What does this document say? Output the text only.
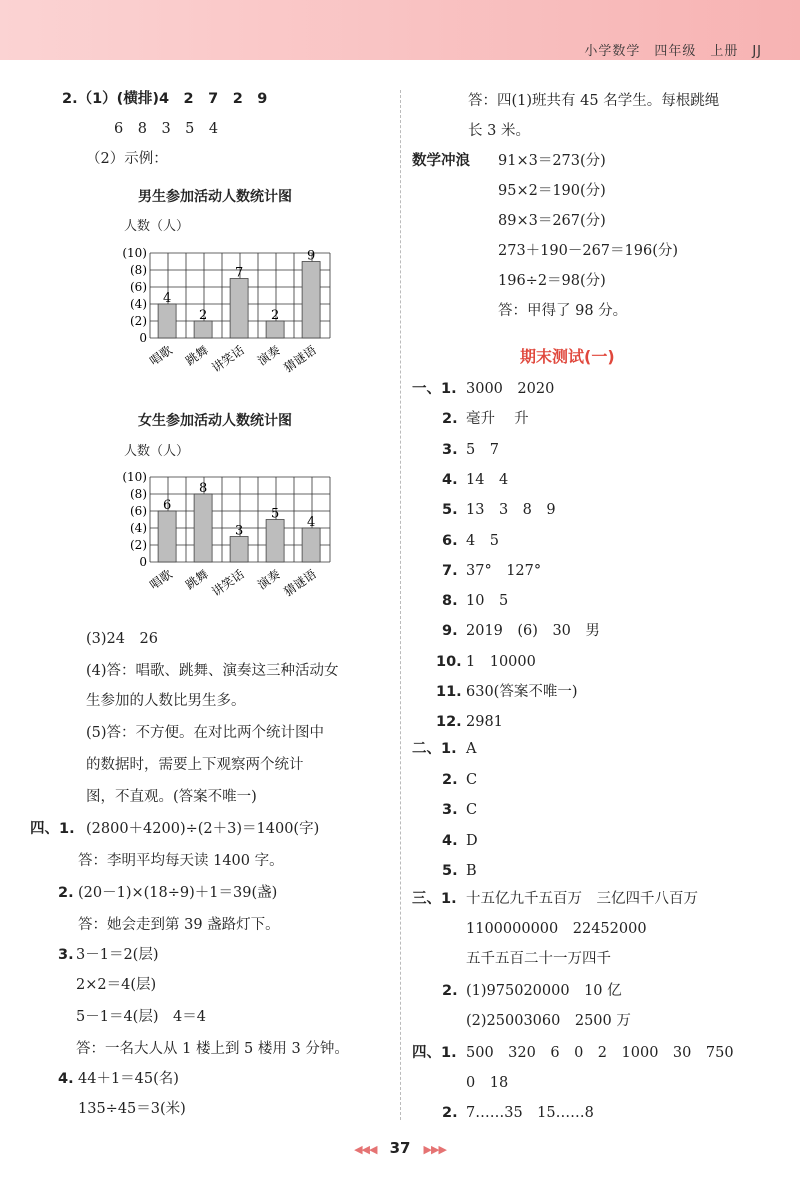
小学数学　四年级　上册　JJ
2.（1）(横排)4　2　7　2　9
6　8　3　5　4
（2）示例：
男生参加活动人数统计图
人数（人）
0
(2)
(4)
(6)
(8)
(10)
4
唱歌
2
跳舞
7
讲笑话
2
演奏
9
猜谜语
女生参加活动人数统计图
人数（人）
0
(2)
(4)
(6)
(8)
(10)
6
唱歌
8
跳舞
3
讲笑话
5
演奏
4
猜谜语
(3)24　26
(4)答：唱歌、跳舞、演奏这三种活动女
生参加的人数比男生多。
(5)答：不方便。在对比两个统计图中
的数据时，需要上下观察两个统计
图，不直观。(答案不唯一)
四、1. (2800＋4200)÷(2＋3)＝1400(字)
答：李明平均每天读 1400 字。
2. (20－1)×(18÷9)＋1＝39(盏)
答：她会走到第 39 盏路灯下。
3. 3－1＝2(层)
2×2＝4(层)
5－1＝4(层)　4＝4
答：一名大人从 1 楼上到 5 楼用 3 分钟。
4. 44＋1＝45(名)
135÷45＝3(米)
答：四(1)班共有 45 名学生。每根跳绳
长 3 米。
数学冲浪 91×3＝273(分)
95×2＝190(分)
89×3＝267(分)
273＋190－267＝196(分)
196÷2＝98(分)
答：甲得了 98 分。
期末测试(一)
一、1. 3000　2020
2. 毫升　 升
3. 5　7
4. 14　4
5. 13　3　8　9
6. 4　5
7. 37°　127°
8. 10　5
9. 2019　(6)　30　男
10. 1　10000
11. 630(答案不唯一)
12. 2981
二、1. A
2. C
3. C
4. D
5. B
三、1. 十五亿九千五百万　三亿四千八百万
1100000000　22452000
五千五百二十一万四千
2. (1)975020000　10 亿
(2)25003060　2500 万
四、1. 500　320　6　0　2　1000　30　750
0　18
2. 7……35　15……8
◀◀◀ 37 ▶▶▶
